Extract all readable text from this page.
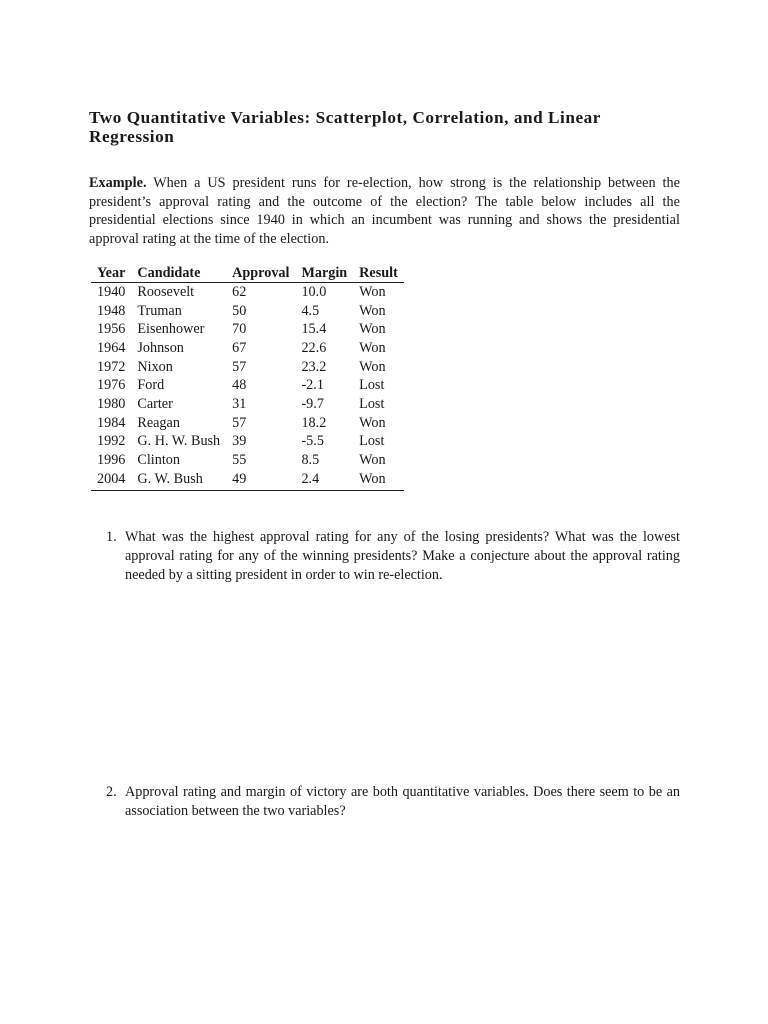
Two Quantitative Variables: Scatterplot, Correlation, and Linear Regression

Example. When a US president runs for re-election, how strong is the relationship between the president’s approval rating and the outcome of the election? The table below includes all the presidential elections since 1940 in which an incumbent was running and shows the presidential approval rating at the time of the election.

Year	Candidate	Approval	Margin	Result
1940	Roosevelt	62	10.0	Won
1948	Truman	50	4.5	Won
1956	Eisenhower	70	15.4	Won
1964	Johnson	67	22.6	Won
1972	Nixon	57	23.2	Won
1976	Ford	48	-2.1	Lost
1980	Carter	31	-9.7	Lost
1984	Reagan	57	18.2	Won
1992	G. H. W. Bush	39	-5.5	Lost
1996	Clinton	55	8.5	Won
2004	G. W. Bush	49	2.4	Won
1. What was the highest approval rating for any of the losing presidents? What was the lowest approval rating for any of the winning presidents? Make a conjecture about the approval rating needed by a sitting president in order to win re-election.
2. Approval rating and margin of victory are both quantitative variables. Does there seem to be an association between the two variables?
